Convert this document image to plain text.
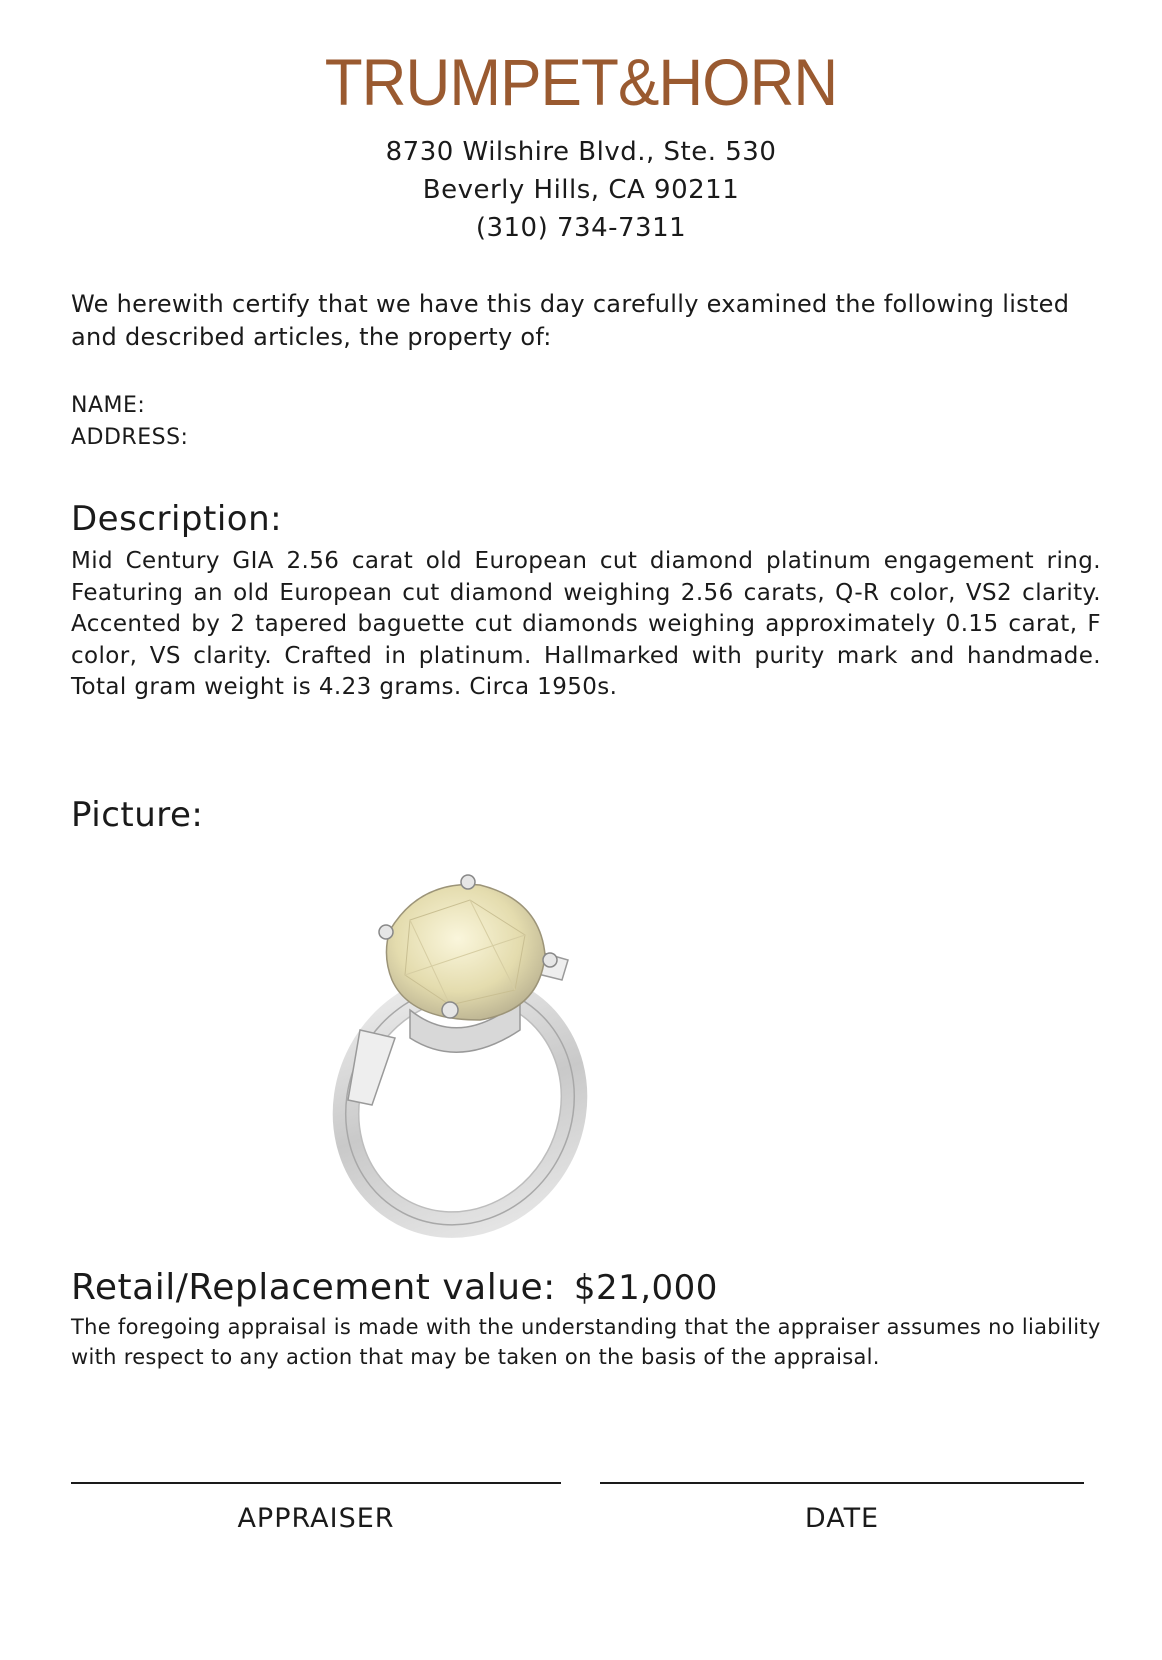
TRUMPET&HORN
8730 Wilshire Blvd., Ste. 530
Beverly Hills, CA 90211
(310) 734-7311
We herewith certify that we have this day carefully examined the following listed and described articles, the property of:
NAME:
ADDRESS:
Description:
Mid Century GIA 2.56 carat old European cut diamond platinum engagement ring. Featuring an old European cut diamond weighing 2.56 carats, Q-R color, VS2 clarity. Accented by 2 tapered baguette cut diamonds weighing approximately 0.15 carat, F color, VS clarity. Crafted in platinum. Hallmarked with purity mark and handmade. Total gram weight is 4.23 grams. Circa 1950s.
Picture:
Retail/Replacement value: $21,000
The foregoing appraisal is made with the understanding that the appraiser assumes no liability with respect to any action that may be taken on the basis of the appraisal.
APPRAISER	DATE
